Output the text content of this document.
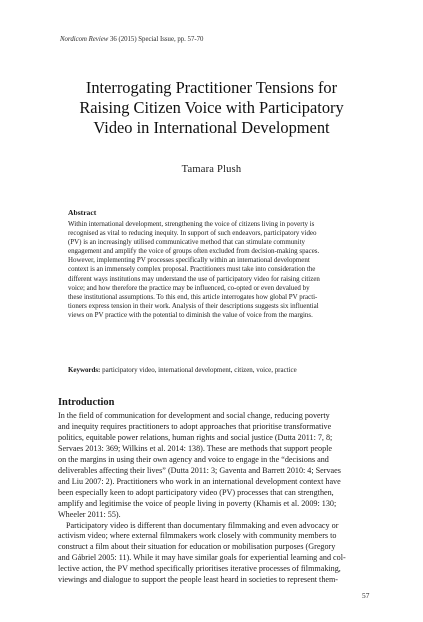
Nordicom Review 36 (2015) Special Issue, pp. 57-70
Interrogating Practitioner Tensions for
Raising Citizen Voice with Participatory
Video in International Development
Tamara Plush
Abstract
Within international development, strengthening the voice of citizens living in poverty is
recognised as vital to reducing inequity. In support of such endeavors, participatory video
(PV) is an increasingly utilised communicative method that can stimulate community
engagement and amplify the voice of groups often excluded from decision-making spaces.
However, implementing PV processes specifically within an international development
context is an immensely complex proposal. Practitioners must take into consideration the
different ways institutions may understand the use of participatory video for raising citizen
voice; and how therefore the practice may be influenced, co-opted or even devalued by
these institutional assumptions. To this end, this article interrogates how global PV practi-
tioners express tension in their work. Analysis of their descriptions suggests six influential
views on PV practice with the potential to diminish the value of voice from the margins.
Keywords: participatory video, international development, citizen, voice, practice
Introduction
In the field of communication for development and social change, reducing poverty
and inequity requires practitioners to adopt approaches that prioritise transformative
politics, equitable power relations, human rights and social justice (Dutta 2011: 7, 8;
Servaes 2013: 369; Wilkins et al. 2014: 138). These are methods that support people
on the margins in using their own agency and voice to engage in the “decisions and
deliverables affecting their lives” (Dutta 2011: 3; Gaventa and Barrett 2010: 4; Servaes
and Liu 2007: 2). Practitioners who work in an international development context have
been especially keen to adopt participatory video (PV) processes that can strengthen,
amplify and legitimise the voice of people living in poverty (Khamis et al. 2009: 130;
Wheeler 2011: 55).
Participatory video is different than documentary filmmaking and even advocacy or
activism video; where external filmmakers work closely with community members to
construct a film about their situation for education or mobilisation purposes (Gregory
and Gábriel 2005: 11). While it may have similar goals for experiential learning and col-
lective action, the PV method specifically prioritises iterative processes of filmmaking,
viewings and dialogue to support the people least heard in societies to represent them-
57
